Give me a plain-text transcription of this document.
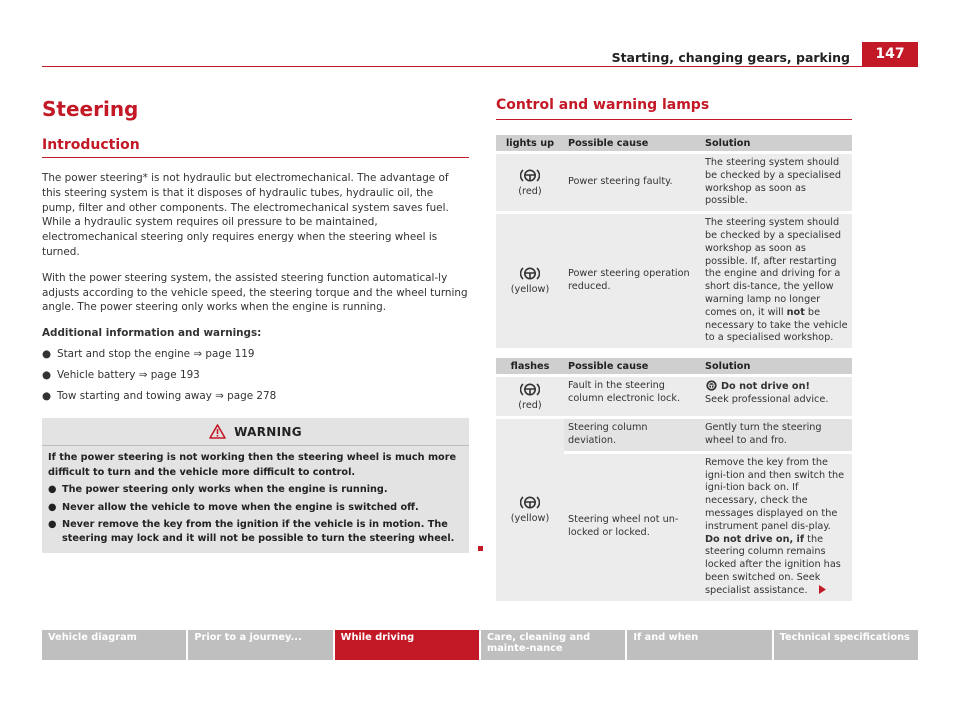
Starting, changing gears, parking	147
Steering
Introduction

The power steering* is not hydraulic but electromechanical. The advantage of this steering system is that it disposes of hydraulic tubes, hydraulic oil, the pump, filter and other components. The electromechanical system saves fuel. While a hydraulic system requires oil pressure to be maintained, electromechanical steering only requires energy when the steering wheel is turned.

With the power steering system, the assisted steering function automatical-ly adjusts according to the vehicle speed, the steering torque and the wheel turning angle. The power steering only works when the engine is running.

Additional information and warnings:

● Start and stop the engine ⇒ page 119
● Vehicle battery ⇒ page 193
● Tow starting and towing away ⇒ page 278
WARNING
If the power steering is not working then the steering wheel is much more difficult to turn and the vehicle more difficult to control.
● The power steering only works when the engine is running.
● Never allow the vehicle to move when the engine is switched off.
● Never remove the key from the ignition if the vehicle is in motion. The steering may lock and it will not be possible to turn the steering wheel.
Control and warning lamps
lights up	Possible cause	Solution

(red)	Power steering faulty.	The steering system should be checked by a specialised workshop as soon as possible.

(yellow)	Power steering operation reduced.	The steering system should be checked by a specialised workshop as soon as possible. If, after restarting the engine and driving for a short dis-tance, the yellow warning lamp no longer comes on, it will not be necessary to take the vehicle to a specialised workshop.
flashes	Possible cause	Solution

(red)	Fault in the steering column electronic lock.	Do not drive on!
Seek professional advice.

(yellow)	Steering column deviation.	Gently turn the steering wheel to and fro.
	Steering wheel not un-locked or locked.	Remove the key from the igni-tion and then switch the igni-tion back on. If necessary, check the messages displayed on the instrument panel dis-play.
Do not drive on, if the steering column remains locked after the ignition has been switched on. Seek specialist assistance.
Vehicle diagram	Prior to a journey...	While driving	Care, cleaning and mainte-nance
If and when	Technical specifications
